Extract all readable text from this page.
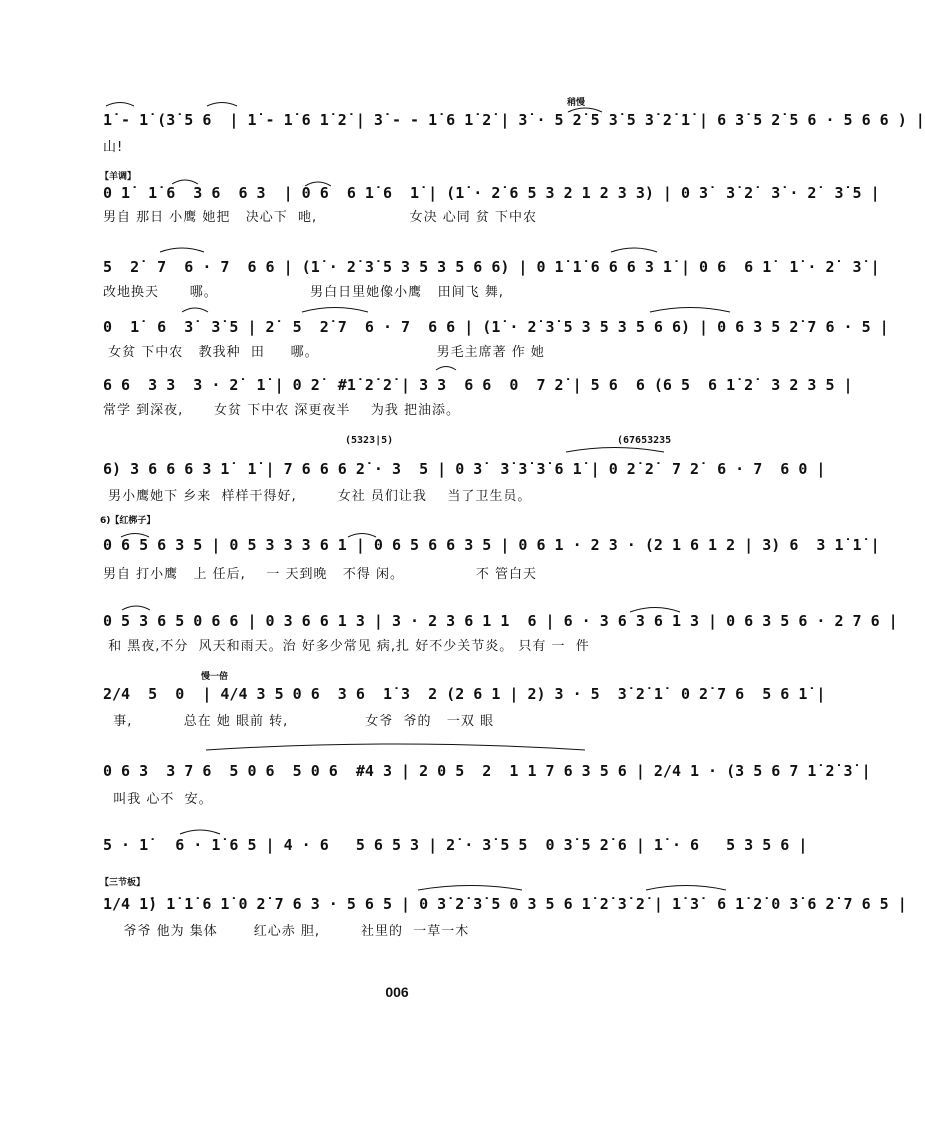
稍慢
1̇ - 1̇ (3̇ 5 6  | 1̇ - 1̇ 6 1̇ 2̇ | 3̇ - - 1̇ 6 1̇ 2̇ | 3̇ · 5 2̇ 5 3̇ 5 3̇ 2̇ 1̇ | 6 3̇ 5 2̇ 5 6 · 5 6 6 ) |
山!
【羊调】
0 1̇  1̇ 6  3 6  6 3  | 0 6  6 1̇ 6  1̇ | (1̇ · 2̇ 6 5 3 2 1 2 3 3) | 0 3̇  3̇ 2̇  3̇ · 2̇  3̇ 5 |
男自 那日 小鹰 她把   决心下  吔,                  女决 心同 贫 下中农
5  2̇  7  6 · 7  6 6 | (1̇ · 2̇ 3̇ 5 3 5 3 5 6 6) | 0 1̇ 1̇ 6 6 6 3 1̇ | 0 6  6 1̇  1̇ · 2̇  3̇ |
改地换天      哪。                  男白日里她像小鹰   田间飞 舞,
0  1̇  6  3̇  3̇ 5 | 2̇  5  2̇ 7  6 · 7  6 6 | (1̇ · 2̇ 3̇ 5 3 5 3 5 6 6) | 0 6 3 5 2̇ 7 6 · 5 |
女贫 下中农   教我种  田     哪。                       男毛主席著 作 她
6 6  3 3  3 · 2̇  1̇ | 0 2̇  #1̇ 2̇ 2̇ | 3 3  6 6  0  7 2̇ | 5 6  6 (6 5  6 1̇ 2̇  3 2 3 5 |
常学 到深夜,      女贫 下中农 深更夜半    为我 把油添。
(5323|5)	(67653235
6) 3 6 6 6 3 1̇  1̇ | 7 6 6 6 2̇ · 3  5 | 0 3̇  3̇ 3̇ 3̇ 6 1̇ | 0 2̇ 2̇  7 2̇  6 · 7  6 0 |
男小鹰她下 乡来  样样干得好,        女社 员们让我    当了卫生员。
6)【红梆子】
0 6 5 6 3 5 | 0 5 3 3 3 6 1 | 0 6 5 6 6 3 5 | 0 6 1 · 2 3 · (2 1 6 1 2 | 3) 6  3 1̇ 1̇ |
男自 打小鹰   上 任后,    一 天到晚   不得 闲。              不 管白天
0 5 3 6 5 0 6 6 | 0 3 6 6 1 3 | 3 · 2 3 6 1 1  6 | 6 · 3 6 3 6 1 3 | 0 6 3 5 6 · 2 7 6 |
和 黑夜,不分  风天和雨天。治 好多少常见 病,扎 好不少关节炎。 只有 一  件
慢一倍
2/4  5  0  | 4/4 3 5 0 6  3 6  1̇ 3  2 (2 6 1 | 2) 3 · 5  3̇ 2̇ 1̇  0 2̇ 7 6  5 6 1̇ |
事,          总在 她 眼前 转,               女爷  爷的   一双 眼
0 6 3  3 7 6  5 0 6  5 0 6  #4 3 | 2 0 5  2  1 1 7 6 3 5 6 | 2/4 1 · (3 5 6 7 1̇ 2̇ 3̇ |
叫我 心不  安。
5 · 1̇   6 · 1̇ 6 5 | 4 · 6   5 6 5 3 | 2̇ · 3̇ 5 5  0 3̇ 5 2̇ 6 | 1̇ · 6   5 3 5 6 |
【三节板】
1/4 1̇) 1̇ 1̇ 6 1̇ 0 2̇ 7 6 3 · 5 6 5 | 0 3̇ 2̇ 3̇ 5 0 3 5 6 1̇ 2̇ 3̇ 2̇ | 1̇ 3̇  6 1̇ 2̇ 0 3̇ 6 2̇ 7 6 5 |
爷爷 他为 集体       红心赤 胆,        社里的  一草一木
006
